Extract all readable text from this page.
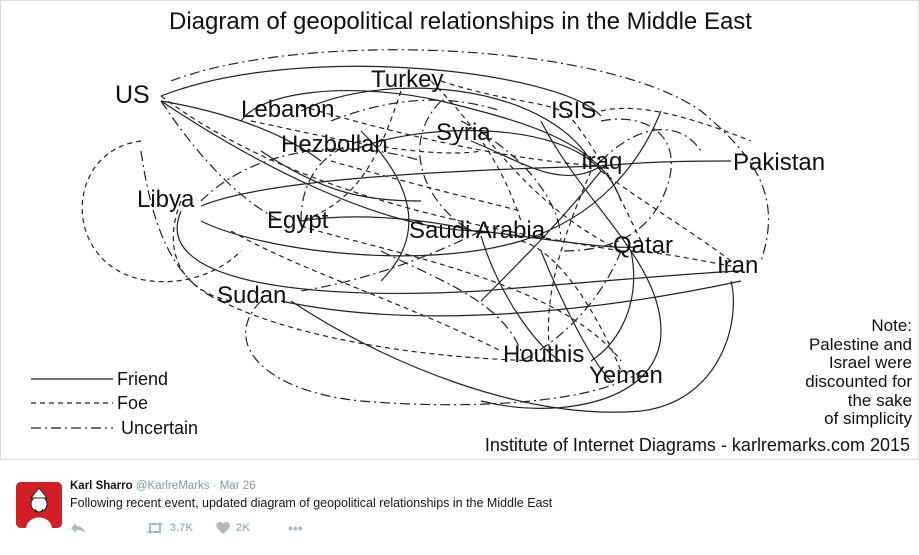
Diagram of geopolitical relationships in the Middle East
US
Turkey
Lebanon	ISIS
Syria
Hezbollah
Iraq	Pakistan
Libya
Egypt	Saudi Arabia
Qatar
Iran
Sudan
Houthis
Yemen
Friend
Foe
Uncertain
Note:
Palestine and
Israel were
discounted for
the sake
of simplicity
Institute of Internet Diagrams - karlremarks.com 2015
Karl Sharro @KarlreMarks · Mar 26
Following recent event, updated diagram of geopolitical relationships in the Middle East
3.7K	2K	•••
